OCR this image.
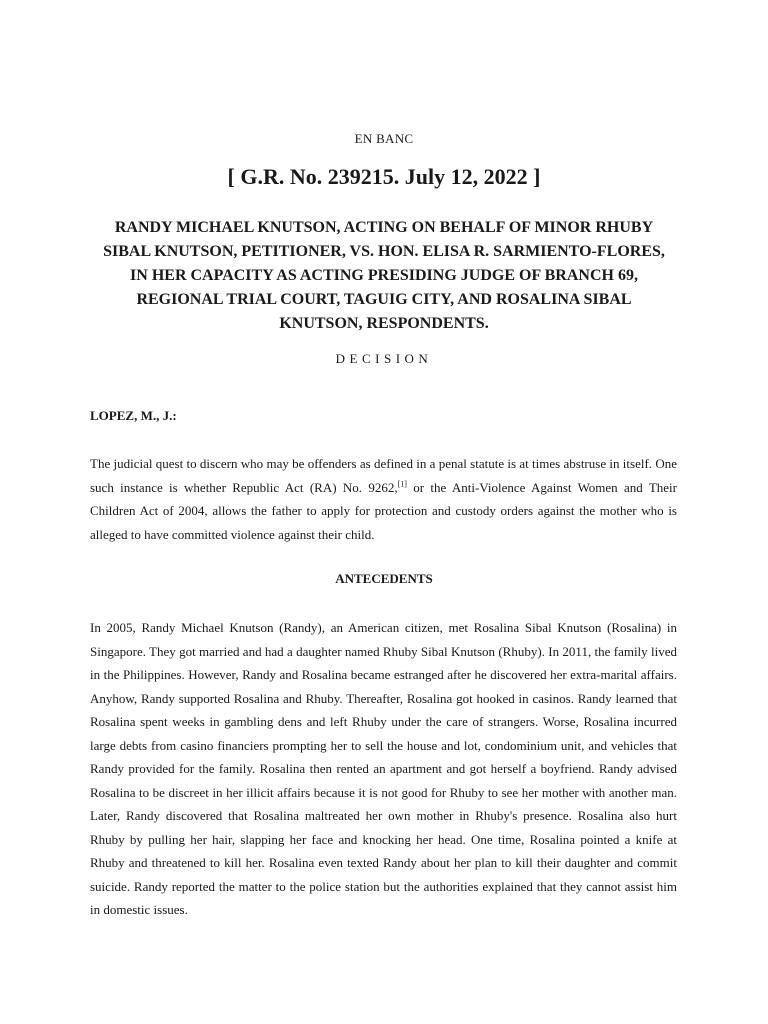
EN BANC
[ G.R. No. 239215. July 12, 2022 ]
RANDY MICHAEL KNUTSON, ACTING ON BEHALF OF MINOR RHUBY SIBAL KNUTSON, PETITIONER, VS. HON. ELISA R. SARMIENTO-FLORES, IN HER CAPACITY AS ACTING PRESIDING JUDGE OF BRANCH 69, REGIONAL TRIAL COURT, TAGUIG CITY, AND ROSALINA SIBAL KNUTSON, RESPONDENTS.
DECISION
LOPEZ, M., J.:

The judicial quest to discern who may be offenders as defined in a penal statute is at times abstruse in itself. One such instance is whether Republic Act (RA) No. 9262,[1] or the Anti-Violence Against Women and Their Children Act of 2004, allows the father to apply for protection and custody orders against the mother who is alleged to have committed violence against their child.

ANTECEDENTS

In 2005, Randy Michael Knutson (Randy), an American citizen, met Rosalina Sibal Knutson (Rosalina) in Singapore. They got married and had a daughter named Rhuby Sibal Knutson (Rhuby). In 2011, the family lived in the Philippines. However, Randy and Rosalina became estranged after he discovered her extra-marital affairs. Anyhow, Randy supported Rosalina and Rhuby. Thereafter, Rosalina got hooked in casinos. Randy learned that Rosalina spent weeks in gambling dens and left Rhuby under the care of strangers. Worse, Rosalina incurred large debts from casino financiers prompting her to sell the house and lot, condominium unit, and vehicles that Randy provided for the family. Rosalina then rented an apartment and got herself a boyfriend. Randy advised Rosalina to be discreet in her illicit affairs because it is not good for Rhuby to see her mother with another man. Later, Randy discovered that Rosalina maltreated her own mother in Rhuby's presence. Rosalina also hurt Rhuby by pulling her hair, slapping her face and knocking her head. One time, Rosalina pointed a knife at Rhuby and threatened to kill her. Rosalina even texted Randy about her plan to kill their daughter and commit suicide. Randy reported the matter to the police station but the authorities explained that they cannot assist him in domestic issues.
